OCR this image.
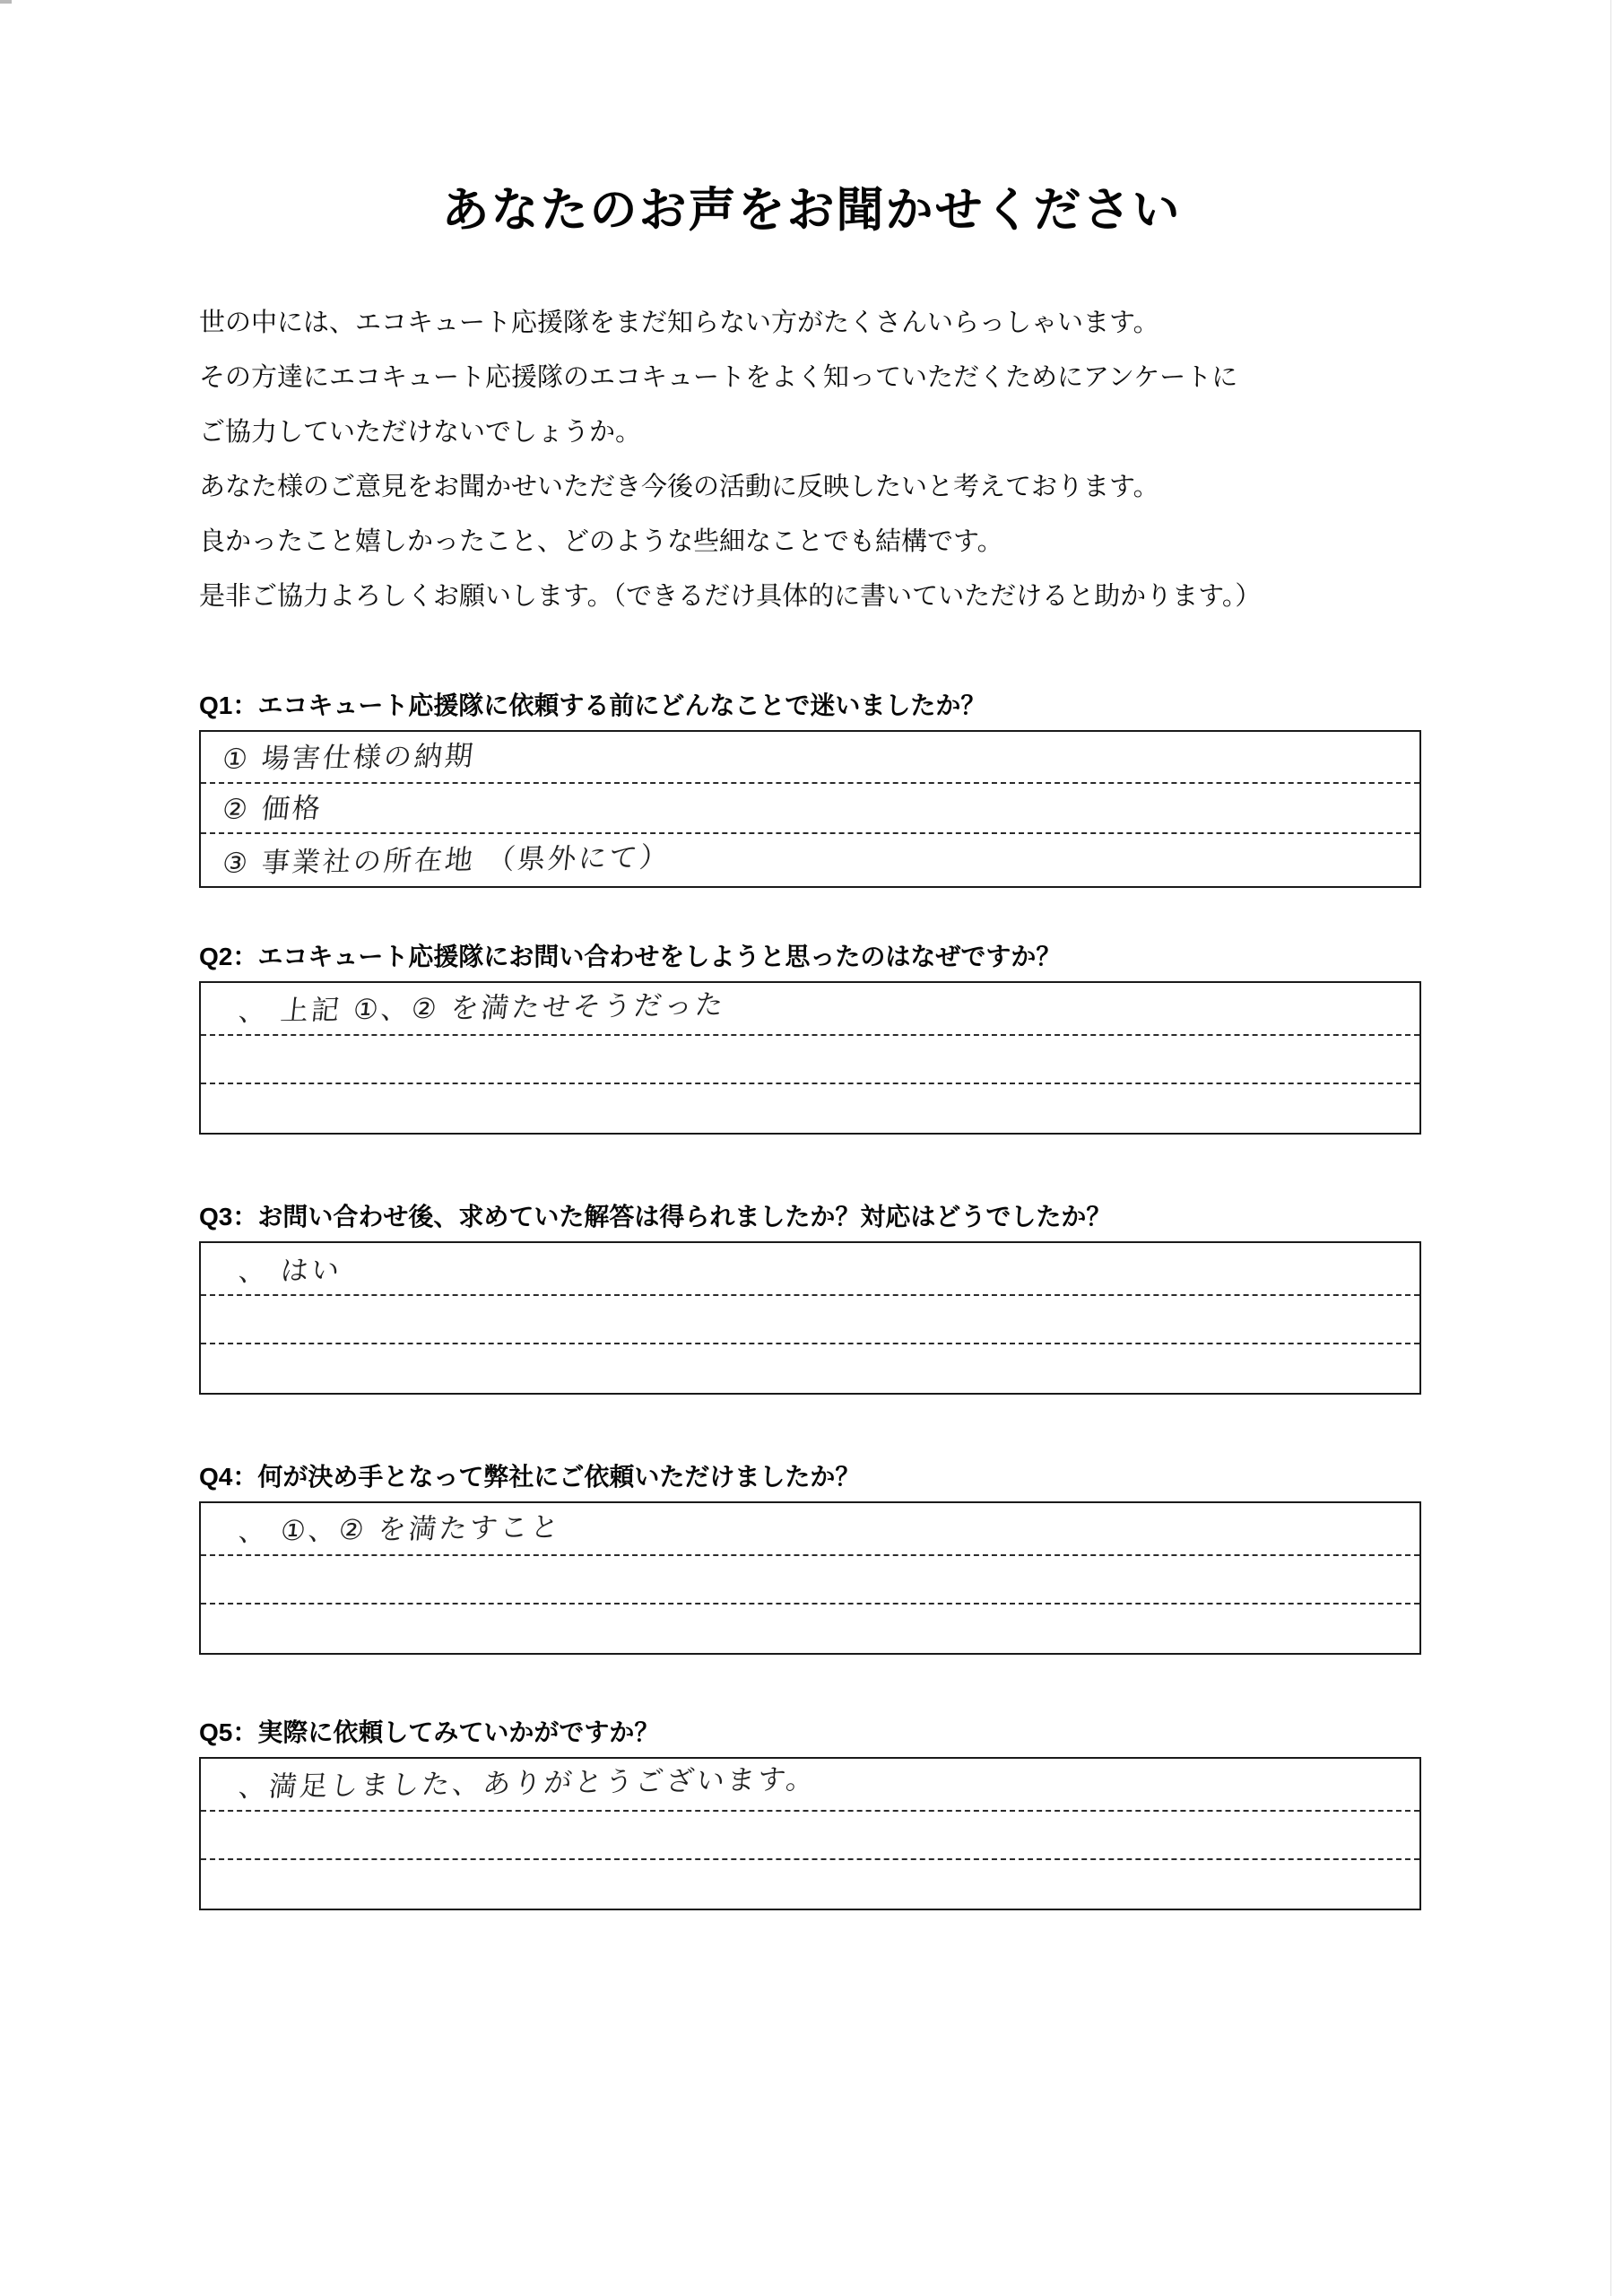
あなたのお声をお聞かせください
世の中には、エコキュート応援隊をまだ知らない方がたくさんいらっしゃいます。
その方達にエコキュート応援隊のエコキュートをよく知っていただくためにアンケートに
ご協力していただけないでしょうか。
あなた様のご意見をお聞かせいただき今後の活動に反映したいと考えております。
良かったこと嬉しかったこと、どのような些細なことでも結構です。
是非ご協力よろしくお願いします。（できるだけ具体的に書いていただけると助かります。）
Q1：エコキュート応援隊に依頼する前にどんなことで迷いましたか？
① 場害仕様の納期
② 価格
③ 事業社の所在地 （県外にて）
Q2：エコキュート応援隊にお問い合わせをしようと思ったのはなぜですか？
、 上記 ①、② を満たせそうだった
Q3：お問い合わせ後、求めていた解答は得られましたか？対応はどうでしたか？
、 はい
Q4：何が決め手となって弊社にご依頼いただけましたか？
、 ①、② を満たすこと
Q5：実際に依頼してみていかがですか？
、満足しました、ありがとうございます。
